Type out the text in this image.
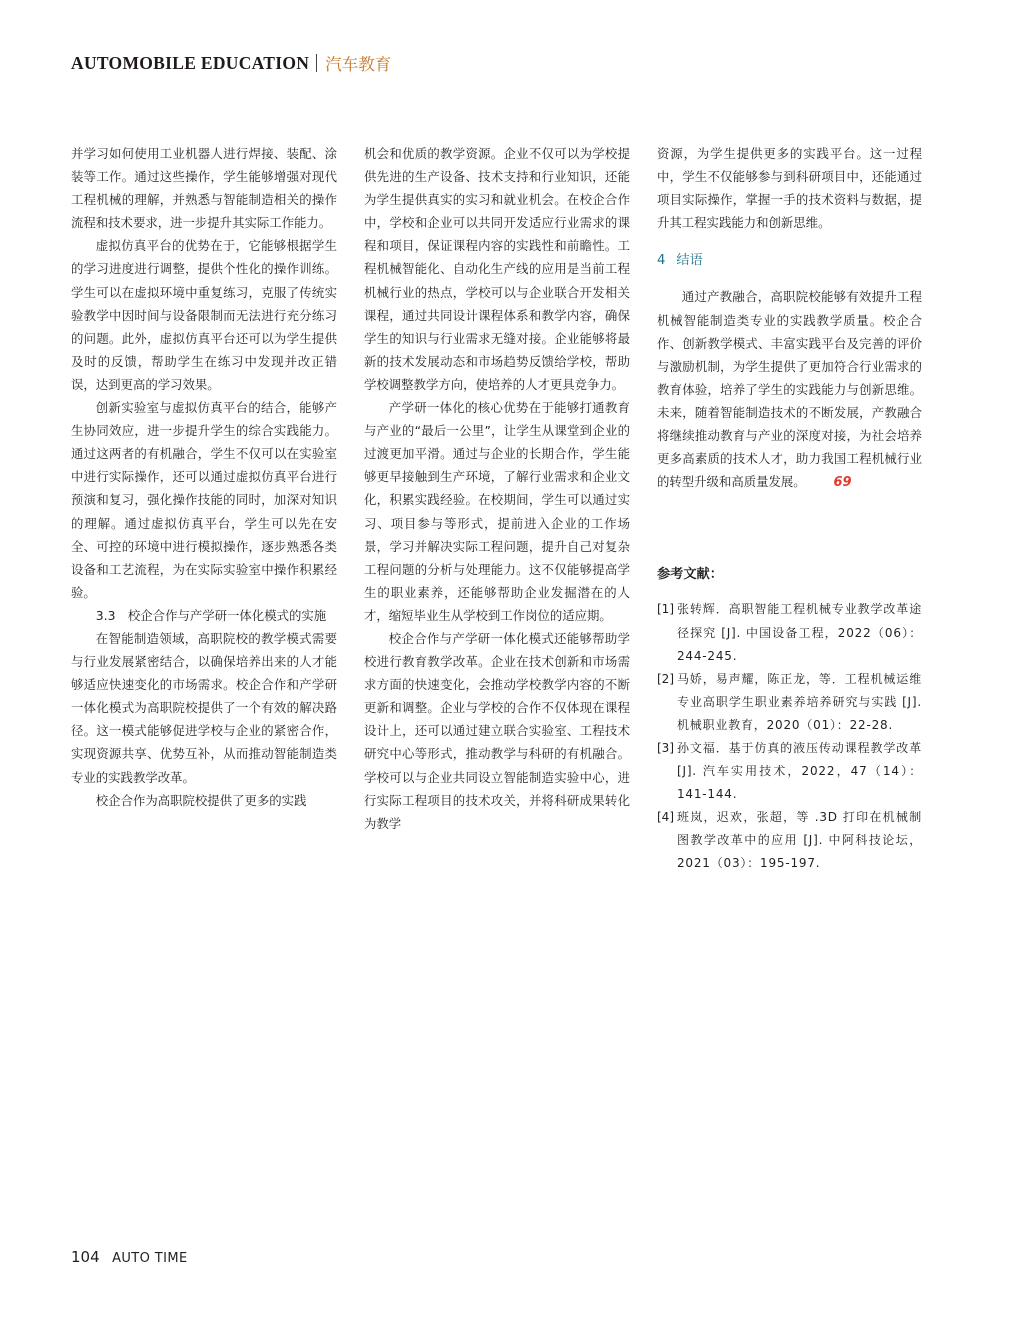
AUTOMOBILE EDUCATION 汽车教育

并学习如何使用工业机器人进行焊接、装配、涂装等工作。通过这些操作，学生能够增强对现代工程机械的理解，并熟悉与智能制造相关的操作流程和技术要求，进一步提升其实际工作能力。

虚拟仿真平台的优势在于，它能够根据学生的学习进度进行调整，提供个性化的操作训练。学生可以在虚拟环境中重复练习，克服了传统实验教学中因时间与设备限制而无法进行充分练习的问题。此外，虚拟仿真平台还可以为学生提供及时的反馈，帮助学生在练习中发现并改正错误，达到更高的学习效果。

创新实验室与虚拟仿真平台的结合，能够产生协同效应，进一步提升学生的综合实践能力。通过这两者的有机融合，学生不仅可以在实验室中进行实际操作，还可以通过虚拟仿真平台进行预演和复习，强化操作技能的同时，加深对知识的理解。通过虚拟仿真平台，学生可以先在安全、可控的环境中进行模拟操作，逐步熟悉各类设备和工艺流程，为在实际实验室中操作积累经验。

3.3　校企合作与产学研一体化模式的实施

在智能制造领域，高职院校的教学模式需要与行业发展紧密结合，以确保培养出来的人才能够适应快速变化的市场需求。校企合作和产学研一体化模式为高职院校提供了一个有效的解决路径。这一模式能够促进学校与企业的紧密合作，实现资源共享、优势互补，从而推动智能制造类专业的实践教学改革。

校企合作为高职院校提供了更多的实践

机会和优质的教学资源。企业不仅可以为学校提供先进的生产设备、技术支持和行业知识，还能为学生提供真实的实习和就业机会。在校企合作中，学校和企业可以共同开发适应行业需求的课程和项目，保证课程内容的实践性和前瞻性。工程机械智能化、自动化生产线的应用是当前工程机械行业的热点，学校可以与企业联合开发相关课程，通过共同设计课程体系和教学内容，确保学生的知识与行业需求无缝对接。企业能够将最新的技术发展动态和市场趋势反馈给学校，帮助学校调整教学方向，使培养的人才更具竞争力。

产学研一体化的核心优势在于能够打通教育与产业的“最后一公里”，让学生从课堂到企业的过渡更加平滑。通过与企业的长期合作，学生能够更早接触到生产环境，了解行业需求和企业文化，积累实践经验。在校期间，学生可以通过实习、项目参与等形式，提前进入企业的工作场景，学习并解决实际工程问题，提升自己对复杂工程问题的分析与处理能力。这不仅能够提高学生的职业素养，还能够帮助企业发掘潜在的人才，缩短毕业生从学校到工作岗位的适应期。

校企合作与产学研一体化模式还能够帮助学校进行教育教学改革。企业在技术创新和市场需求方面的快速变化，会推动学校教学内容的不断更新和调整。企业与学校的合作不仅体现在课程设计上，还可以通过建立联合实验室、工程技术研究中心等形式，推动教学与科研的有机融合。学校可以与企业共同设立智能制造实验中心，进行实际工程项目的技术攻关，并将科研成果转化为教学

资源，为学生提供更多的实践平台。这一过程中，学生不仅能够参与到科研项目中，还能通过项目实际操作，掌握一手的技术资料与数据，提升其工程实践能力和创新思维。

4 结语

通过产教融合，高职院校能够有效提升工程机械智能制造类专业的实践教学质量。校企合作、创新教学模式、丰富实践平台及完善的评价与激励机制，为学生提供了更加符合行业需求的教育体验，培养了学生的实践能力与创新思维。未来，随着智能制造技术的不断发展，产教融合将继续推动教育与产业的深度对接，为社会培养更多高素质的技术人才，助力我国工程机械行业的转型升级和高质量发展。 69

参考文献：

[1] 张转辉．高职智能工程机械专业教学改革途径探究 [J]. 中国设备工程，2022（06）：244-245.
[2] 马娇，易声耀，陈正龙，等．工程机械运维专业高职学生职业素养培养研究与实践 [J]. 机械职业教育，2020（01）：22-28.
[3] 孙文福．基于仿真的液压传动课程教学改革 [J]. 汽车实用技术，2022，47（14）：141-144.
[4] 班岚，迟欢，张超，等 .3D 打印在机械制图教学改革中的应用 [J]. 中阿科技论坛，2021（03）：195-197.
104 AUTO TIME
